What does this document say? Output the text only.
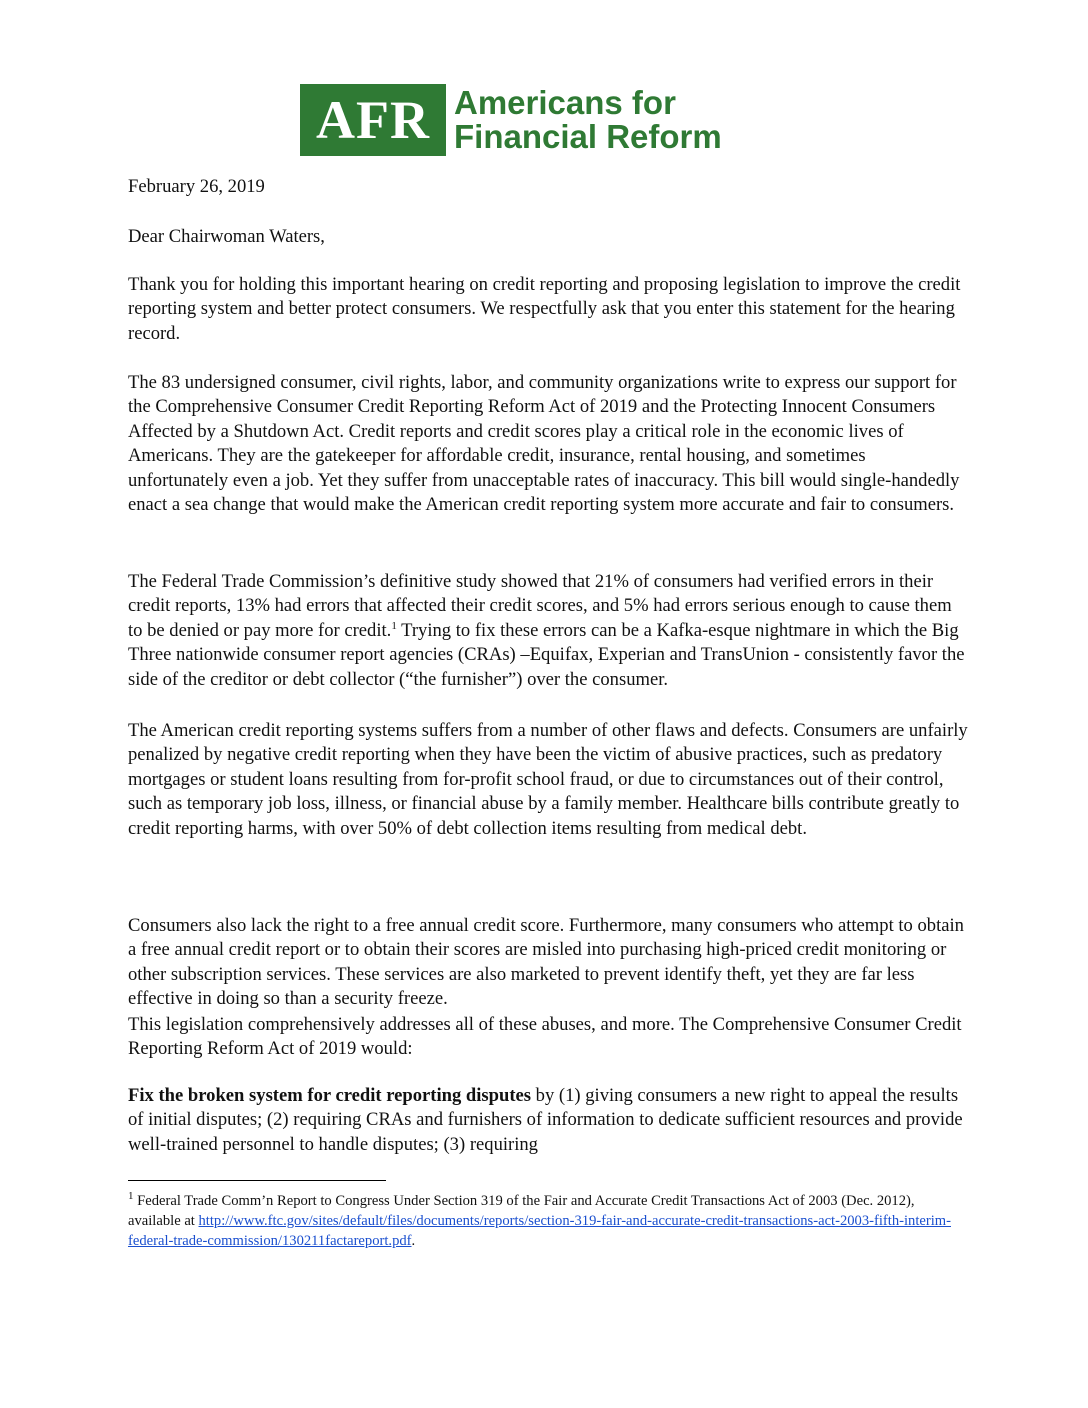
AFR Americans for
Financial Reform

February 26, 2019

Dear Chairwoman Waters,

Thank you for holding this important hearing on credit reporting and proposing legislation to improve the credit reporting system and better protect consumers. We respectfully ask that you enter this statement for the hearing record.

The 83 undersigned consumer, civil rights, labor, and community organizations write to express our support for the Comprehensive Consumer Credit Reporting Reform Act of 2019 and the Protecting Innocent Consumers Affected by a Shutdown Act. Credit reports and credit scores play a critical role in the economic lives of Americans. They are the gatekeeper for affordable credit, insurance, rental housing, and sometimes unfortunately even a job. Yet they suffer from unacceptable rates of inaccuracy. This bill would single-handedly enact a sea change that would make the American credit reporting system more accurate and fair to consumers.

The Federal Trade Commission’s definitive study showed that 21% of consumers had verified errors in their credit reports, 13% had errors that affected their credit scores, and 5% had errors serious enough to cause them to be denied or pay more for credit.$^1$ Trying to fix these errors can be a Kafka-esque nightmare in which the Big Three nationwide consumer report agencies (CRAs) –Equifax, Experian and TransUnion - consistently favor the side of the creditor or debt collector (“the furnisher”) over the consumer.

The American credit reporting systems suffers from a number of other flaws and defects. Consumers are unfairly penalized by negative credit reporting when they have been the victim of abusive practices, such as predatory mortgages or student loans resulting from for-profit school fraud, or due to circumstances out of their control, such as temporary job loss, illness, or financial abuse by a family member. Healthcare bills contribute greatly to credit reporting harms, with over 50% of debt collection items resulting from medical debt.

Consumers also lack the right to a free annual credit score. Furthermore, many consumers who attempt to obtain a free annual credit report or to obtain their scores are misled into purchasing high-priced credit monitoring or other subscription services. These services are also marketed to prevent identify theft, yet they are far less effective in doing so than a security freeze.

This legislation comprehensively addresses all of these abuses, and more. The Comprehensive Consumer Credit Reporting Reform Act of 2019 would:

Fix the broken system for credit reporting disputes by (1) giving consumers a new right to appeal the results of initial disputes; (2) requiring CRAs and furnishers of information to dedicate sufficient resources and provide well-trained personnel to handle disputes; (3) requiring

$^1$ Federal Trade Comm’n Report to Congress Under Section 319 of the Fair and Accurate Credit Transactions Act of 2003 (Dec. 2012), available at http://www.ftc.gov/sites/default/files/documents/reports/section-319-fair-and-accurate-credit-transactions-act-2003-fifth-interim-federal-trade-commission/130211factareport.pdf.
